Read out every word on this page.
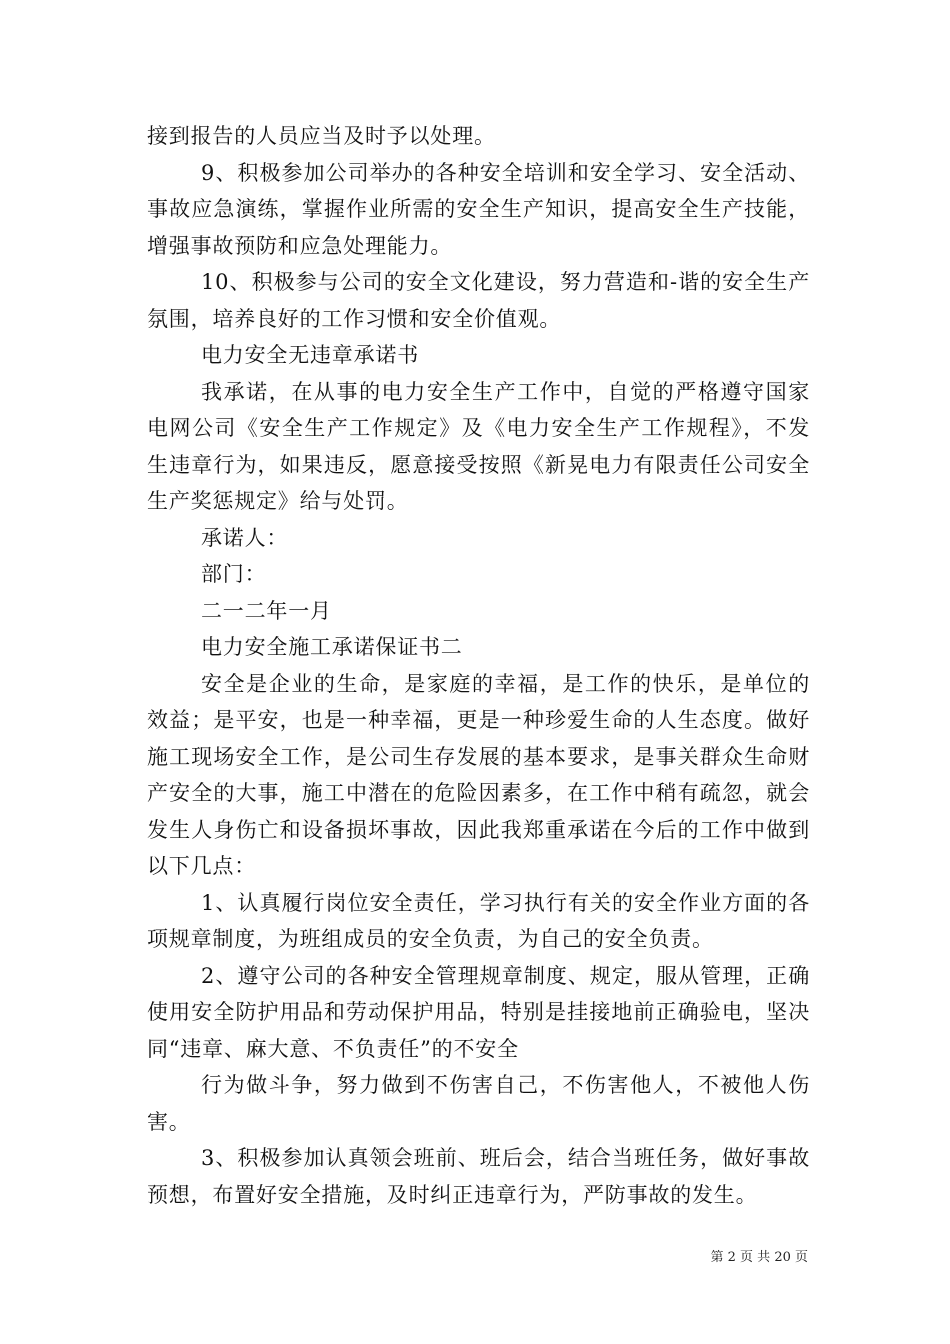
接到报告的人员应当及时予以处理。

9、积极参加公司举办的各种安全培训和安全学习、安全活动、事故应急演练，掌握作业所需的安全生产知识，提高安全生产技能，增强事故预防和应急处理能力。

10、积极参与公司的安全文化建设，努力营造和-谐的安全生产氛围，培养良好的工作习惯和安全价值观。

电力安全无违章承诺书

我承诺，在从事的电力安全生产工作中，自觉的严格遵守国家电网公司《安全生产工作规定》及《电力安全生产工作规程》，不发生违章行为，如果违反，愿意接受按照《新晃电力有限责任公司安全生产奖惩规定》给与处罚。

承诺人：

部门：

二一二年一月

电力安全施工承诺保证书二

安全是企业的生命，是家庭的幸福，是工作的快乐，是单位的效益；是平安，也是一种幸福，更是一种珍爱生命的人生态度。做好施工现场安全工作，是公司生存发展的基本要求，是事关群众生命财产安全的大事，施工中潜在的危险因素多，在工作中稍有疏忽，就会发生人身伤亡和设备损坏事故，因此我郑重承诺在今后的工作中做到以下几点：

1、认真履行岗位安全责任，学习执行有关的安全作业方面的各项规章制度，为班组成员的安全负责，为自己的安全负责。

2、遵守公司的各种安全管理规章制度、规定，服从管理，正确使用安全防护用品和劳动保护用品，特别是挂接地前正确验电，坚决同“违章、麻大意、不负责任”的不安全

行为做斗争，努力做到不伤害自己，不伤害他人，不被他人伤害。

3、积极参加认真领会班前、班后会，结合当班任务，做好事故预想，布置好安全措施，及时纠正违章行为，严防事故的发生。

第 2 页 共 20 页
